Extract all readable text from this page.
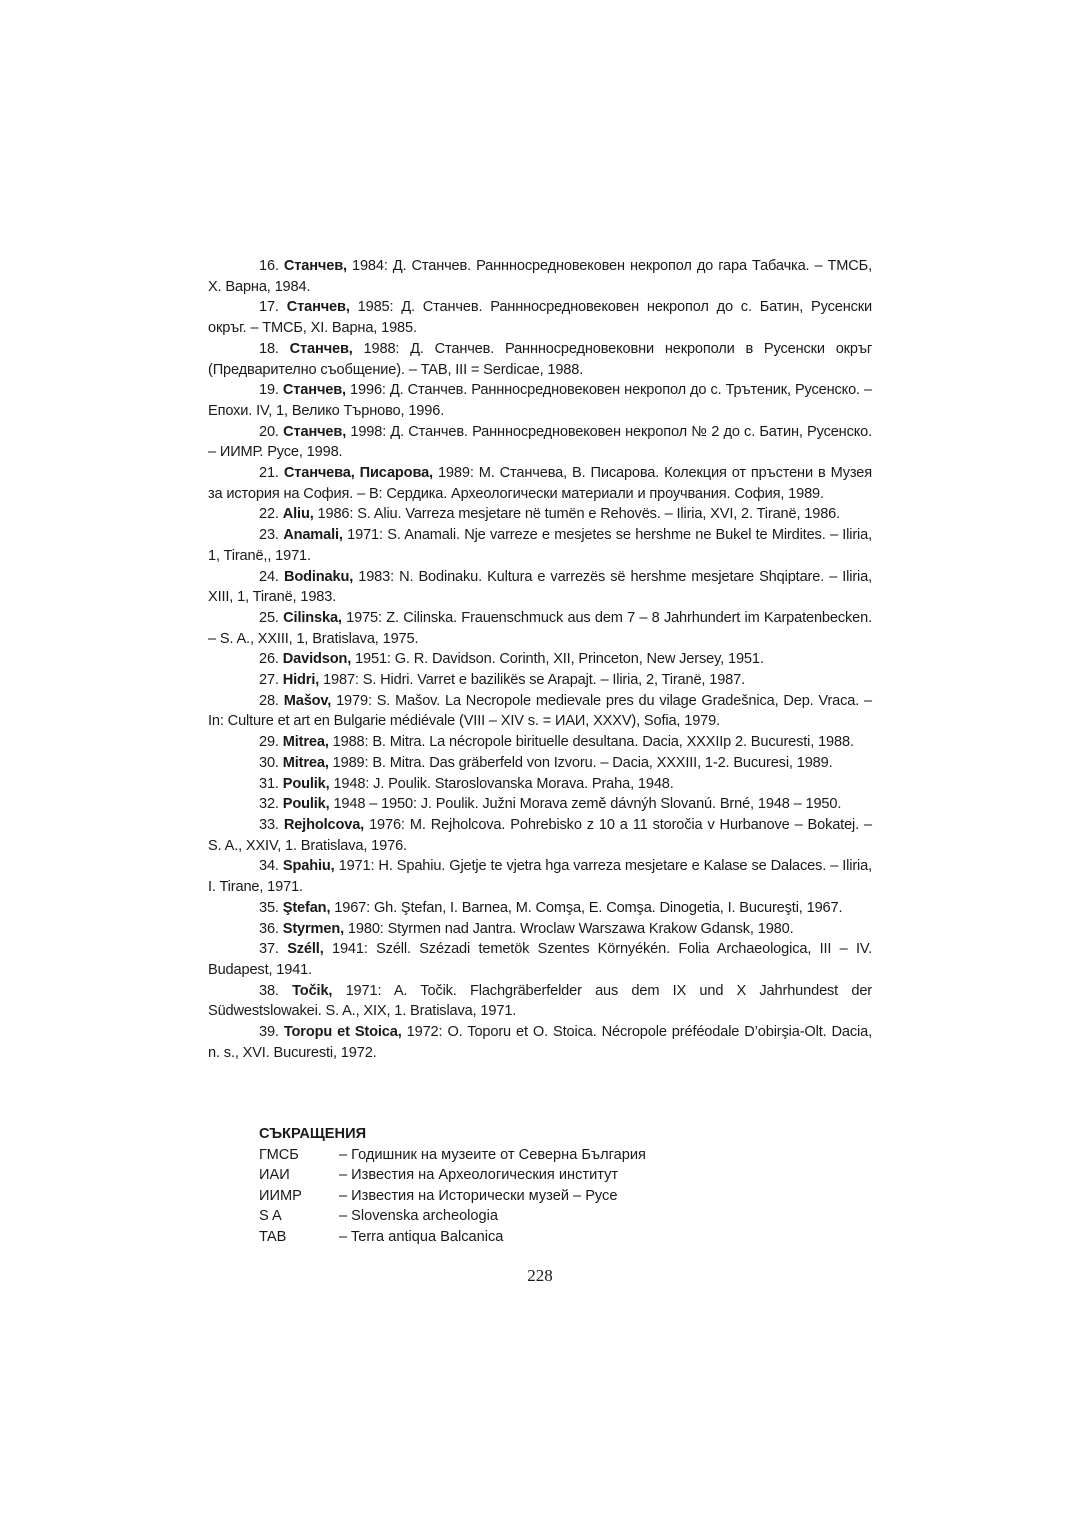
16. Станчев, 1984: Д. Станчев. Раннносредновековен некропол до гара Табачка. – ТМСБ, X. Варна, 1984.

17. Станчев, 1985: Д. Станчев. Раннносредновековен некропол до с. Батин, Русенски окръг. – ТМСБ, XI. Варна, 1985.

18. Станчев, 1988: Д. Станчев. Раннносредновековни некрополи в Русенски окръг (Предварително съобщение). – TAB, III = Serdicae, 1988.

19. Станчев, 1996: Д. Станчев. Раннносредновековен некропол до с. Трътеник, Русенско. – Епохи. IV, 1, Велико Търново, 1996.

20. Станчев, 1998: Д. Станчев. Раннносредновековен некропол № 2 до с. Батин, Русенско. – ИИМР. Русе, 1998.

21. Станчева, Писарова, 1989: М. Станчева, В. Писарова. Колекция от пръстени в Музея за история на София. – В: Сердика. Археологически материали и проучвания. София, 1989.

22. Aliu, 1986: S. Aliu. Varreza mesjetare në tumën e Rehovës. – Iliria, XVI, 2. Tiranë, 1986.

23. Anamali, 1971: S. Anamali. Nje varreze e mesjetes se hershme ne Bukel te Mirdites. – Iliria, 1, Tiranë,, 1971.

24. Bodinaku, 1983: N. Bodinaku. Kultura e varrezës së hershme mesjetare Shqiptare. – Iliria, XIII, 1, Tiranë, 1983.

25. Cilinska, 1975: Z. Cilinska. Frauenschmuck aus dem 7 – 8 Jahrhundert im Karpatenbecken. – S. A., XXIII, 1, Bratislava, 1975.

26. Davidson, 1951: G. R. Davidson. Corinth, XII, Princeton, New Jersey, 1951.

27. Hidri, 1987: S. Hidri. Varret e bazilikës se Arapajt. – Iliria, 2, Tiranë, 1987.

28. Mašov, 1979: S. Mašov. La Necropole medievale pres du vilage Gradešnica, Dep. Vraca. – In: Culture et art en Bulgarie médiévale (VIII – XIV s. = ИАИ, XXXV), Sofia, 1979.

29. Mitrea, 1988: B. Mitra. La nécropole birituelle desultana. Dacia, XXXIIp 2. Bucuresti, 1988.

30. Mitrea, 1989: B. Mitra. Das gräberfeld von Izvoru. – Dacia, XXXIII, 1-2. Bucuresi, 1989.

31. Poulik, 1948: J. Poulik. Staroslovanska Morava. Praha, 1948.

32. Poulik, 1948 – 1950: J. Poulik. Južni Morava země dávnýh Slovanú. Brné, 1948 – 1950.

33. Rejholcova, 1976: M. Rejholcova. Pohrebisko z 10 a 11 storočia v Hurbanove – Bokatej. – S. A., XXIV, 1. Bratislava, 1976.

34. Spahiu, 1971: H. Spahiu. Gjetje te vjetra hga varreza mesjetare e Kalase se Dalaces. – Iliria, I. Tirane, 1971.

35. Ştefan, 1967: Gh. Ştefan, I. Barnea, M. Comşa, E. Comşa. Dinogetia, I. Bucureşti, 1967.

36. Styrmen, 1980: Styrmen nad Jantra. Wroclaw Warszawa Krakow Gdansk, 1980.

37. Széll, 1941: Széll. Szézadi temetök Szentes Környékén. Folia Archaeologica, III – IV. Budapest, 1941.

38. Točik, 1971: A. Točik. Flachgräberfelder aus dem IX und X Jahrhundest der Südwestslowakei. S. A., XIX, 1. Bratislava, 1971.

39. Toropu et Stoica, 1972: O. Toporu et O. Stoica. Nécropole préféodale D’obirşia-Olt. Dacia, n. s., XVI. Bucuresti, 1972.

СЪКРАЩЕНИЯ

ГМСБ	– Годишник на музеите от Северна България
ИАИ	– Известия на Археологическия институт
ИИМР	– Известия на Исторически музей – Русе
S A	– Slovenska archeologia
TAB	– Terra antiqua Balcanica
228
